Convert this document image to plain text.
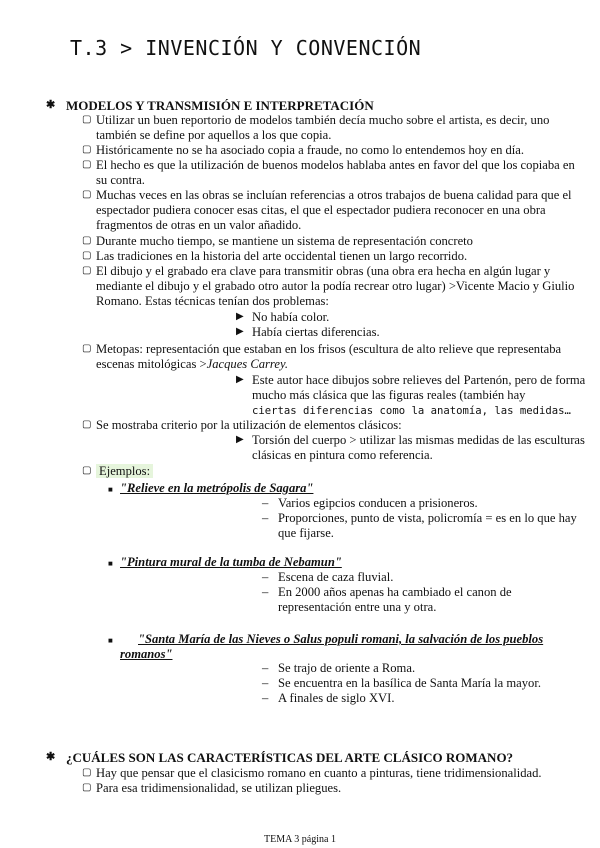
T.3 > INVENCIÓN Y CONVENCIÓN
✱ MODELOS Y TRANSMISIÓN E INTERPRETACIÓN
▢ Utilizar un buen reportorio de modelos también decía mucho sobre el artista, es decir, uno también se define por aquellos a los que copia.
▢ Históricamente no se ha asociado copia a fraude, no como lo entendemos hoy en día.
▢ El hecho es que la utilización de buenos modelos hablaba antes en favor del que los copiaba en su contra.
▢ Muchas veces en las obras se incluían referencias a otros trabajos de buena calidad para que el espectador pudiera conocer esas citas, el que el espectador pudiera reconocer en una obra fragmentos de otras en un valor añadido.
▢ Durante mucho tiempo, se mantiene un sistema de representación concreto
▢ Las tradiciones en la historia del arte occidental tienen un largo recorrido.
▢ El dibujo y el grabado era clave para transmitir obras (una obra era hecha en algún lugar y mediante el dibujo y el grabado otro autor la podía recrear otro lugar) >Vicente Macio y Giulio Romano. Estas técnicas tenían dos problemas:
▶ No había color.
▶ Había ciertas diferencias.
▢ Metopas: representación que estaban en los frisos (escultura de alto relieve que representaba escenas mitológicas >Jacques Carrey.
▶ Este autor hace dibujos sobre relieves del Partenón, pero de forma mucho más clásica que las figuras reales (también hay
ciertas diferencias como la anatomía, las medidas…
▢ Se mostraba criterio por la utilización de elementos clásicos:
▶ Torsión del cuerpo > utilizar las mismas medidas de las esculturas clásicas en pintura como referencia.
▢ Ejemplos:
■ "Relieve en la metrópolis de Sagara"
– Varios egipcios conducen a prisioneros.
– Proporciones, punto de vista, policromía = es en lo que hay que fijarse.
■ "Pintura mural de la tumba de Nebamun"
– Escena de caza fluvial.
– En 2000 años apenas ha cambiado el canon de representación entre una y otra.
■	"Santa María de las Nieves o Salus populi romani, la salvación de los pueblos romanos"
– Se trajo de oriente a Roma.
– Se encuentra en la basílica de Santa María la mayor.
– A finales de siglo XVI.
✱ ¿CUÁLES SON LAS CARACTERÍSTICAS DEL ARTE CLÁSICO ROMANO?
▢ Hay que pensar que el clasicismo romano en cuanto a pinturas, tiene tridimensionalidad.
▢ Para esa tridimensionalidad, se utilizan pliegues.
TEMA 3 página 1
